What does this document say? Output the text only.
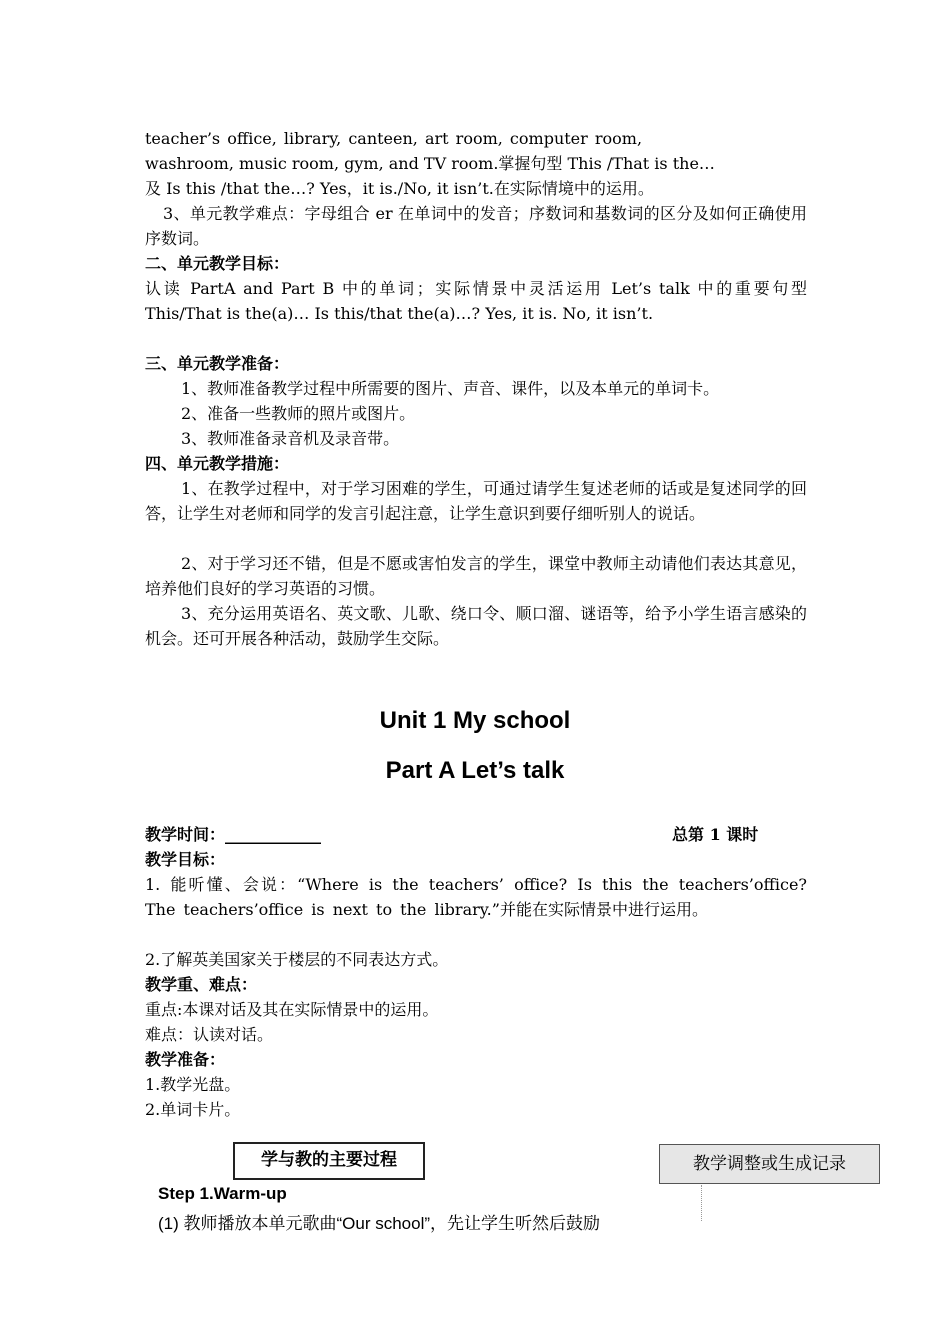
teacher’s office, library, canteen, art room, computer room,
washroom, music room, gym, and TV room.掌握句型 This /That is the…
及 Is this /that the…? Yes，it is./No, it isn’t.在实际情境中的运用。
3、单元教学难点：字母组合 er 在单词中的发音；序数词和基数词的区分及如何正确使用序数词。
二、单元教学目标：
认读 PartA and Part B 中的单词；实际情景中灵活运用 Let’s talk 中的重要句型 This/That is the(a)… Is this/that the(a)…? Yes, it is. No, it isn’t.
三、单元教学准备：
1、教师准备教学过程中所需要的图片、声音、课件，以及本单元的单词卡。
2、准备一些教师的照片或图片。
3、教师准备录音机及录音带。
四、单元教学措施：
1、在教学过程中，对于学习困难的学生，可通过请学生复述老师的话或是复述同学的回答，让学生对老师和同学的发言引起注意，让学生意识到要仔细听别人的说话。
2、对于学习还不错，但是不愿或害怕发言的学生，课堂中教师主动请他们表达其意见，培养他们良好的学习英语的习惯。
3、充分运用英语名、英文歌、儿歌、绕口令、顺口溜、谜语等，给予小学生语言感染的机会。还可开展各种活动，鼓励学生交际。
Unit 1 My school
Part A Let’s talk
教学时间：____________	总第 1 课时
教学目标：
1. 能听懂、会说：“Where is the teachers’ office? Is this the teachers’office? The teachers’office is next to the library.”并能在实际情景中进行运用。
2.了解英美国家关于楼层的不同表达方式。
教学重、难点：
重点:本课对话及其在实际情景中的运用。
难点：认读对话。
教学准备：
1.教学光盘。
2.单词卡片。
学与教的主要过程	教学调整或生成记录
Step 1.Warm-up
(1) 教师播放本单元歌曲“Our school”，先让学生听然后鼓励
